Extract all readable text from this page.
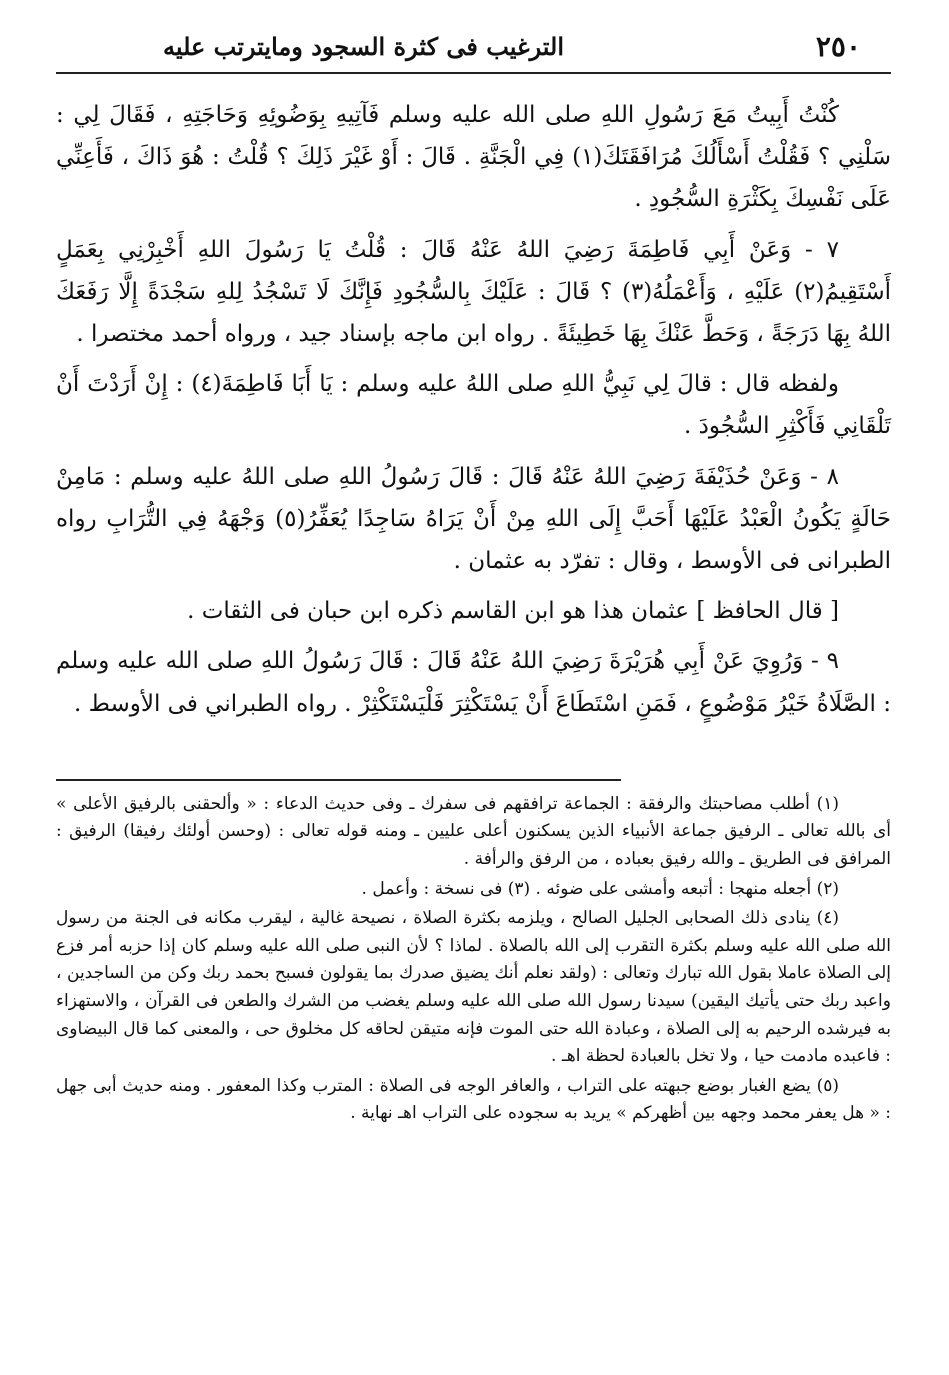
٢٥٠
الترغيب فى كثرة السجود ومايترتب عليه

كُنْتُ أَبِيتُ مَعَ رَسُولِ اللهِ صلى الله عليه وسلم فَآتِيهِ بِوَضُوئِهِ وَحَاجَتِهِ ، فَقَالَ لِي : سَلْنِي ؟ فَقُلْتُ أَسْأَلُكَ مُرَافَقَتَكَ(١) فِي الْجَنَّةِ . قَالَ : أَوْ غَيْرَ ذَلِكَ ؟ قُلْتُ : هُوَ ذَاكَ ، فَأَعِنِّي عَلَى نَفْسِكَ بِكَثْرَةِ السُّجُودِ .

٧ - وَعَنْ أَبِي فَاطِمَةَ رَضِيَ اللهُ عَنْهُ قَالَ : قُلْتُ يَا رَسُولَ اللهِ أَخْبِرْنِي بِعَمَلٍ أَسْتَقِيمُ(٢) عَلَيْهِ ، وَأَعْمَلُهُ(٣) ؟ قَالَ : عَلَيْكَ بِالسُّجُودِ فَإِنَّكَ لَا تَسْجُدُ لِلهِ سَجْدَةً إِلَّا رَفَعَكَ اللهُ بِهَا دَرَجَةً ، وَحَطَّ عَنْكَ بِهَا خَطِيئَةً . رواه ابن ماجه بإسناد جيد ، ورواه أحمد مختصرا .

ولفظه قال : قالَ لِي نَبِيُّ اللهِ صلى اللهُ عليه وسلم : يَا أَبَا فَاطِمَةَ(٤) : إِنْ أَرَدْتَ أَنْ تَلْقَانِي فَأَكْثِرِ السُّجُودَ .

٨ - وَعَنْ حُذَيْفَةَ رَضِيَ اللهُ عَنْهُ قَالَ : قَالَ رَسُولُ اللهِ صلى اللهُ عليه وسلم : مَامِنْ حَالَةٍ يَكُونُ الْعَبْدُ عَلَيْهَا أَحَبَّ إِلَى اللهِ مِنْ أَنْ يَرَاهُ سَاجِدًا يُعَفِّرُ(٥) وَجْهَهُ فِي التُّرَابِ رواه الطبرانى فى الأوسط ، وقال : تفرّد به عثمان .

[ قال الحافظ ] عثمان هذا هو ابن القاسم ذكره ابن حبان فى الثقات .

٩ - وَرُوِيَ عَنْ أَبِي هُرَيْرَةَ رَضِيَ اللهُ عَنْهُ قَالَ : قَالَ رَسُولُ اللهِ صلى الله عليه وسلم : الصَّلَاةُ خَيْرُ مَوْضُوعٍ ، فَمَنِ اسْتَطَاعَ أَنْ يَسْتَكْثِرَ فَلْيَسْتَكْثِرْ . رواه الطبراني فى الأوسط .

(١) أطلب مصاحبتك والرفقة : الجماعة ترافقهم فى سفرك ـ وفى حديث الدعاء : « وألحقنى بالرفيق الأعلى » أى بالله تعالى ـ الرفيق جماعة الأنبياء الذين يسكنون أعلى عليين ـ ومنه قوله تعالى : (وحسن أولئك رفيقا) الرفيق : المرافق فى الطريق ـ والله رفيق بعباده ، من الرفق والرأفة .

(٢) أجعله منهجا : أتبعه وأمشى على ضوئه . (٣) فى نسخة : وأعمل .

(٤) ينادى ذلك الصحابى الجليل الصالح ، ويلزمه بكثرة الصلاة ، نصيحة غالية ، ليقرب مكانه فى الجنة من رسول الله صلى الله عليه وسلم بكثرة التقرب إلى الله بالصلاة . لماذا ؟ لأن النبى صلى الله عليه وسلم كان إذا حزبه أمر فزع إلى الصلاة عاملا بقول الله تبارك وتعالى : (ولقد نعلم أنك يضيق صدرك بما يقولون فسبح بحمد ربك وكن من الساجدين ، واعبد ربك حتى يأتيك اليقين) سيدنا رسول الله صلى الله عليه وسلم يغضب من الشرك والطعن فى القرآن ، والاستهزاء به فيرشده الرحيم به إلى الصلاة ، وعبادة الله حتى الموت فإنه متيقن لحاقه كل مخلوق حى ، والمعنى كما قال البيضاوى : فاعبده مادمت حيا ، ولا تخل بالعبادة لحظة اهـ .

(٥) يضع الغبار بوضع جبهته على التراب ، والعافر الوجه فى الصلاة : المترب وكذا المعفور . ومنه حديث أبى جهل : « هل يعفر محمد وجهه بين أظهركم » يريد به سجوده على التراب اهـ نهاية .
